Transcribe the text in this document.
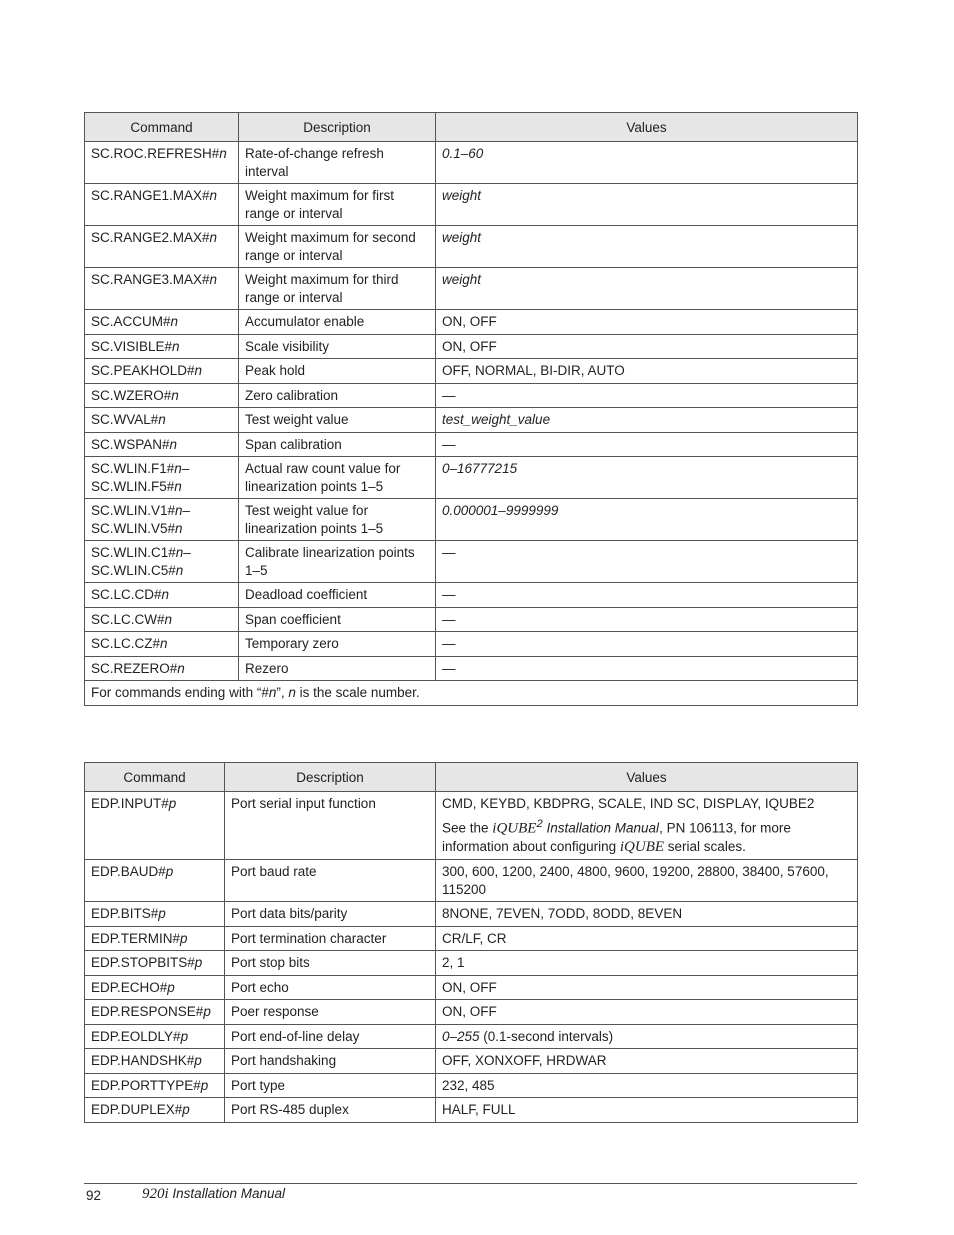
Command	Description	Values
SC.ROC.REFRESH#n	Rate-of-change refresh interval	0.1–60
SC.RANGE1.MAX#n	Weight maximum for first range or interval	weight
SC.RANGE2.MAX#n	Weight maximum for second range or interval	weight
SC.RANGE3.MAX#n	Weight maximum for third range or interval	weight
SC.ACCUM#n	Accumulator enable	ON, OFF
SC.VISIBLE#n	Scale visibility	ON, OFF
SC.PEAKHOLD#n	Peak hold	OFF, NORMAL, BI-DIR, AUTO
SC.WZERO#n	Zero calibration	—
SC.WVAL#n	Test weight value	test_weight_value
SC.WSPAN#n	Span calibration	—
SC.WLIN.F1#n–
SC.WLIN.F5#n	Actual raw count value for linearization points 1–5	0–16777215
SC.WLIN.V1#n–
SC.WLIN.V5#n	Test weight value for linearization points 1–5	0.000001–9999999
SC.WLIN.C1#n–
SC.WLIN.C5#n	Calibrate linearization points 1–5	—
SC.LC.CD#n	Deadload coefficient	—
SC.LC.CW#n	Span coefficient	—
SC.LC.CZ#n	Temporary zero	—
SC.REZERO#n	Rezero	—
For commands ending with “#n”, n is the scale number.		
Command	Description	Values
EDP.INPUT#p	Port serial input function	CMD, KEYBD, KBDPRG, SCALE, IND SC, DISPLAY, IQUBE2
See the iQUBE$^2$ Installation Manual, PN 106113, for more information about configuring iQUBE serial scales.

EDP.BAUD#p	Port baud rate	300, 600, 1200, 2400, 4800, 9600, 19200, 28800, 38400, 57600, 115200
EDP.BITS#p	Port data bits/parity	8NONE, 7EVEN, 7ODD, 8ODD, 8EVEN
EDP.TERMIN#p	Port termination character	CR/LF, CR
EDP.STOPBITS#p	Port stop bits	2, 1
EDP.ECHO#p	Port echo	ON, OFF
EDP.RESPONSE#p	Poer response	ON, OFF
EDP.EOLDLY#p	Port end-of-line delay	0–255 (0.1-second intervals)
EDP.HANDSHK#p	Port handshaking	OFF, XONXOFF, HRDWAR
EDP.PORTTYPE#p	Port type	232, 485
EDP.DUPLEX#p	Port RS-485 duplex	HALF, FULL
92	920i Installation Manual
